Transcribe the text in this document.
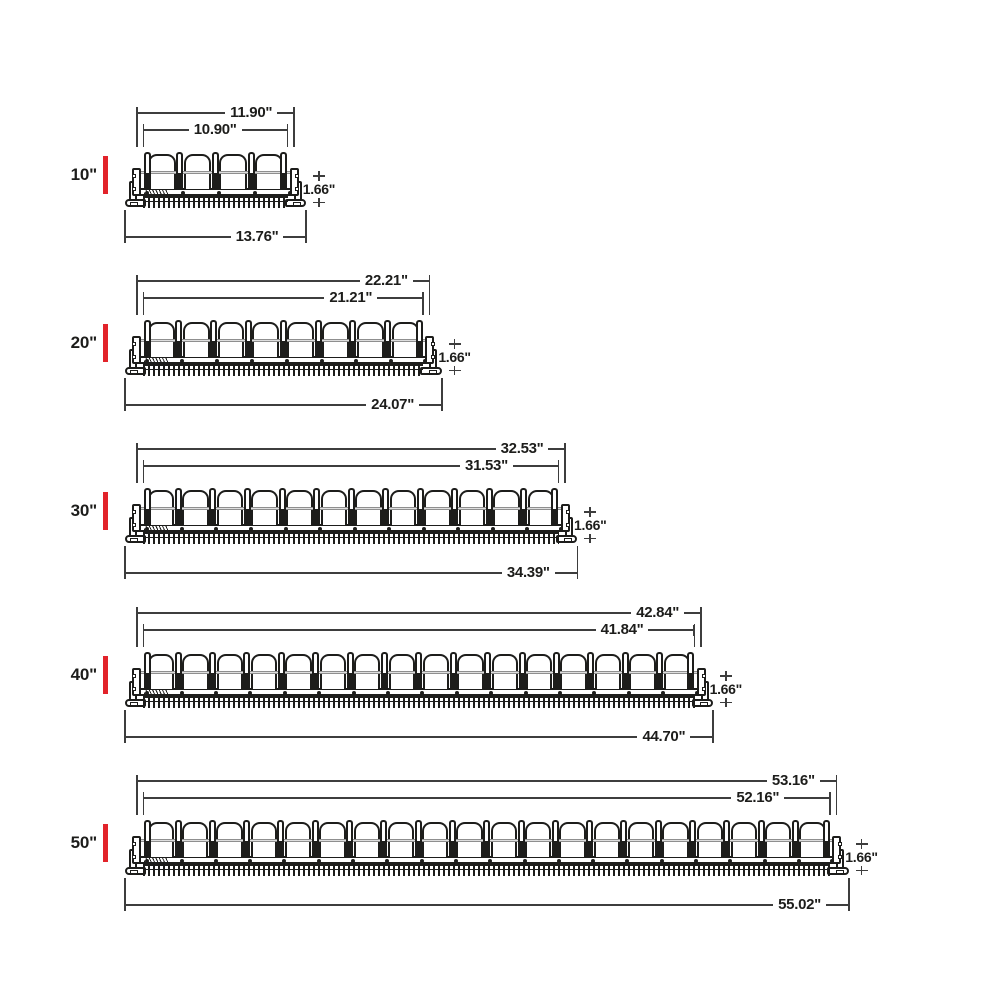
10"
11.90"
10.90"
13.76"
1.66"
20"
22.21"
21.21"
24.07"
1.66"
30"
32.53"
31.53"
34.39"
1.66"
40"
42.84"
41.84"
44.70"
1.66"
50"
53.16"
52.16"
55.02"
1.66"
